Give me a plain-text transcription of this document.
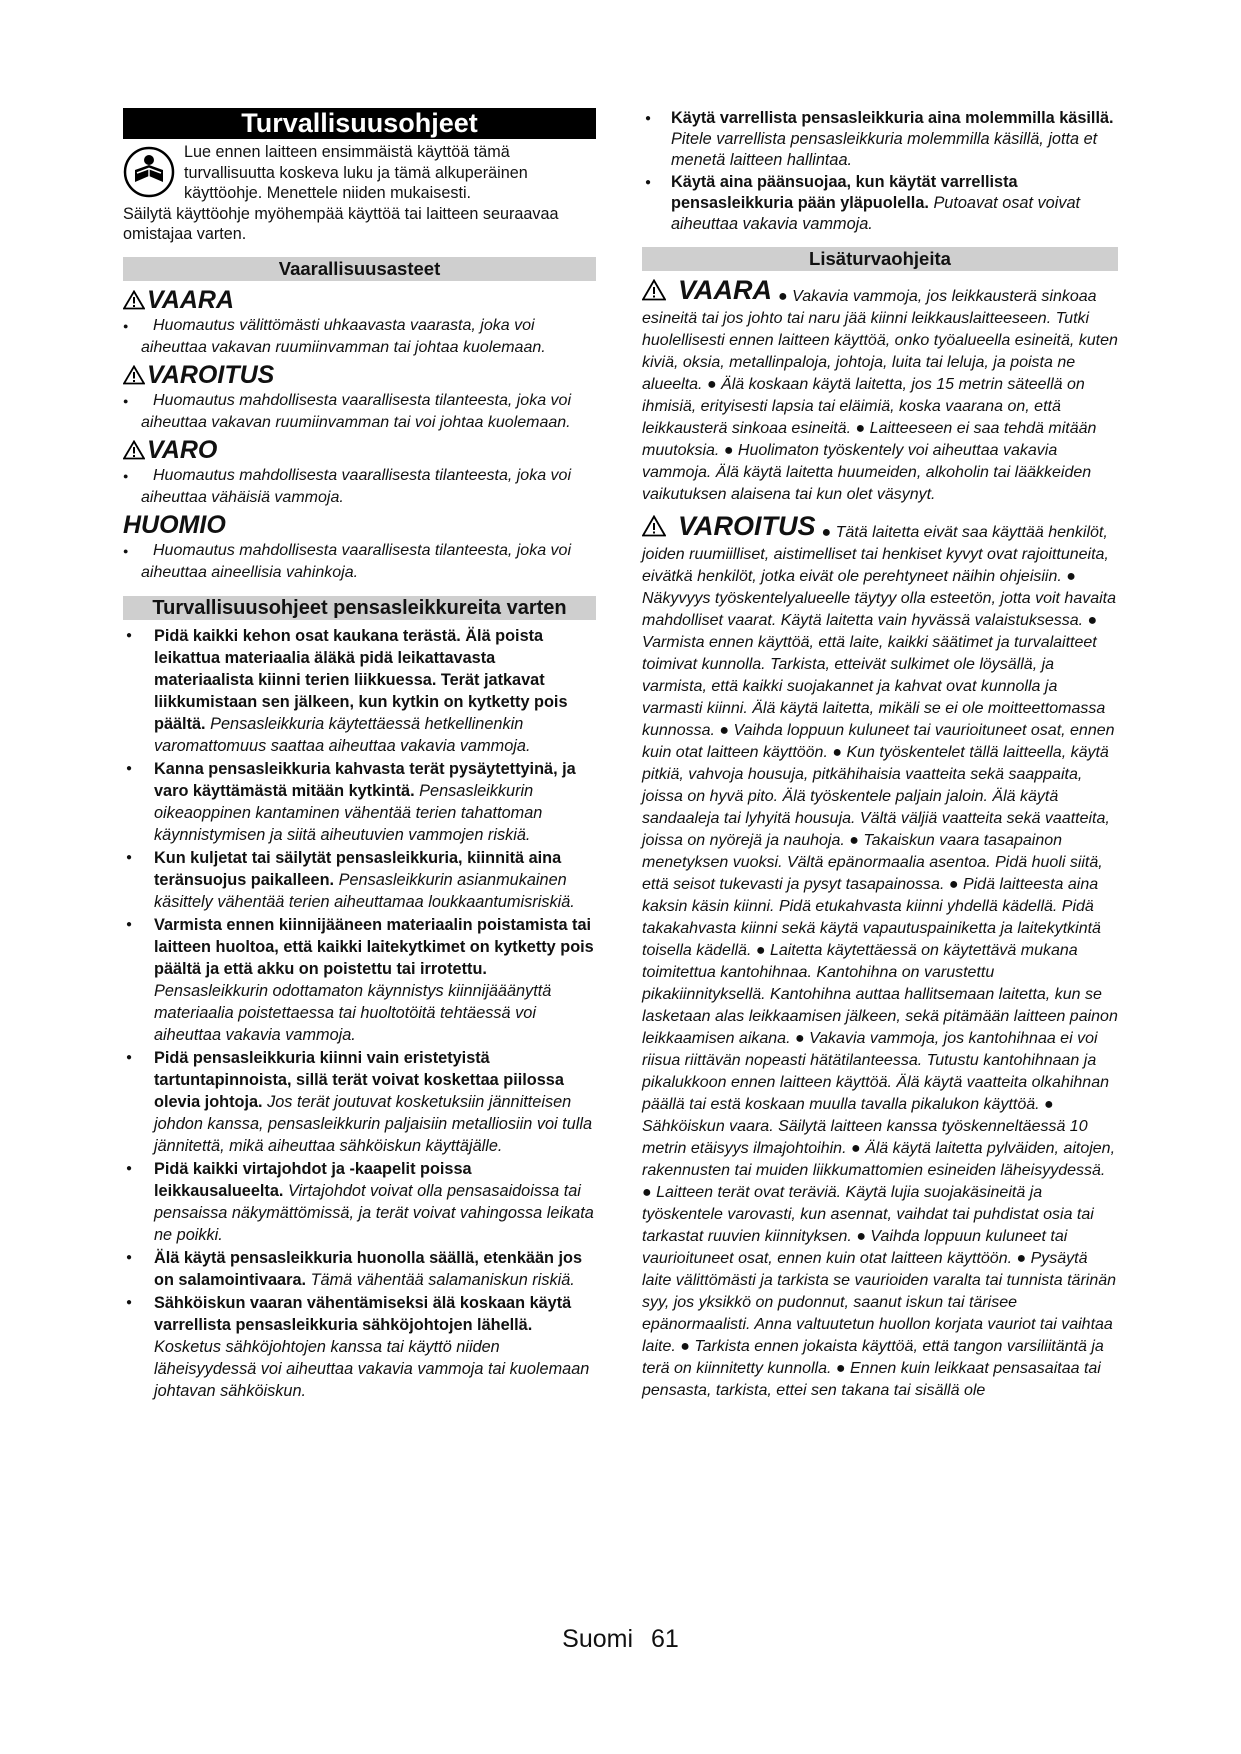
Turvallisuusohjeet

Lue ennen laitteen ensimmäistä käyttöä tämä turvallisuutta koskeva luku ja tämä alkuperäinen käyttöohje. Menettele niiden mukaisesti.

Säilytä käyttöohje myöhempää käyttöä tai laitteen seuraavaa omistajaa varten.

Vaarallisuusasteet
VAARA
● Huomautus välittömästi uhkaavasta vaarasta, joka voi aiheuttaa vakavan ruumiinvamman tai johtaa kuolemaan.
VAROITUS
● Huomautus mahdollisesta vaarallisesta tilanteesta, joka voi aiheuttaa vakavan ruumiinvamman tai voi johtaa kuolemaan.
VARO
● Huomautus mahdollisesta vaarallisesta tilanteesta, joka voi aiheuttaa vähäisiä vammoja.
HUOMIO
● Huomautus mahdollisesta vaarallisesta tilanteesta, joka voi aiheuttaa aineellisia vahinkoja.
Turvallisuusohjeet pensasleikkureita varten
● Pidä kaikki kehon osat kaukana terästä. Älä poista leikattua materiaalia äläkä pidä leikattavasta materiaalista kiinni terien liikkuessa. Terät jatkavat liikkumistaan sen jälkeen, kun kytkin on kytketty pois päältä. Pensasleikkuria käytettäessä hetkellinenkin varomattomuus saattaa aiheuttaa vakavia vammoja.
● Kanna pensasleikkuria kahvasta terät pysäytettyinä, ja varo käyttämästä mitään kytkintä. Pensasleikkurin oikeaoppinen kantaminen vähentää terien tahattoman käynnistymisen ja siitä aiheutuvien vammojen riskiä.
● Kun kuljetat tai säilytät pensasleikkuria, kiinnitä aina teränsuojus paikalleen. Pensasleikkurin asianmukainen käsittely vähentää terien aiheuttamaa loukkaantumisriskiä.
● Varmista ennen kiinnijääneen materiaalin poistamista tai laitteen huoltoa, että kaikki laitekytkimet on kytketty pois päältä ja että akku on poistettu tai irrotettu. Pensasleikkurin odottamaton käynnistys kiinnijääänyttä materiaalia poistettaessa tai huoltotöitä tehtäessä voi aiheuttaa vakavia vammoja.
● Pidä pensasleikkuria kiinni vain eristetyistä tartuntapinnoista, sillä terät voivat koskettaa piilossa olevia johtoja. Jos terät joutuvat kosketuksiin jännitteisen johdon kanssa, pensasleikkurin paljaisiin metalliosiin voi tulla jännitettä, mikä aiheuttaa sähköiskun käyttäjälle.
● Pidä kaikki virtajohdot ja -kaapelit poissa leikkausalueelta. Virtajohdot voivat olla pensasaidoissa tai pensaissa näkymättömissä, ja terät voivat vahingossa leikata ne poikki.
● Älä käytä pensasleikkuria huonolla säällä, etenkään jos on salamointivaara. Tämä vähentää salamaniskun riskiä.
● Sähköiskun vaaran vähentämiseksi älä koskaan käytä varrellista pensasleikkuria sähköjohtojen lähellä. Kosketus sähköjohtojen kanssa tai käyttö niiden läheisyydessä voi aiheuttaa vakavia vammoja tai kuolemaan johtavan sähköiskun.
● Käytä varrellista pensasleikkuria aina molemmilla käsillä. Pitele varrellista pensasleikkuria molemmilla käsillä, jotta et menetä laitteen hallintaa.
● Käytä aina päänsuojaa, kun käytät varrellista pensasleikkuria pään yläpuolella. Putoavat osat voivat aiheuttaa vakavia vammoja.
Lisäturvaohjeita

VAARA ● Vakavia vammoja, jos leikkausterä sinkoaa esineitä tai jos johto tai naru jää kiinni leikkauslaitteeseen. Tutki huolellisesti ennen laitteen käyttöä, onko työalueella esineitä, kuten kiviä, oksia, metallinpaloja, johtoja, luita tai leluja, ja poista ne alueelta. ● Älä koskaan käytä laitetta, jos 15 metrin säteellä on ihmisiä, erityisesti lapsia tai eläimiä, koska vaarana on, että leikkausterä sinkoaa esineitä. ● Laitteeseen ei saa tehdä mitään muutoksia. ● Huolimaton työskentely voi aiheuttaa vakavia vammoja. Älä käytä laitetta huumeiden, alkoholin tai lääkkeiden vaikutuksen alaisena tai kun olet väsynyt.

VAROITUS ● Tätä laitetta eivät saa käyttää henkilöt, joiden ruumiilliset, aistimelliset tai henkiset kyvyt ovat rajoittuneita, eivätkä henkilöt, jotka eivät ole perehtyneet näihin ohjeisiin. ● Näkyvyys työskentelyalueelle täytyy olla esteetön, jotta voit havaita mahdolliset vaarat. Käytä laitetta vain hyvässä valaistuksessa. ● Varmista ennen käyttöä, että laite, kaikki säätimet ja turvalaitteet toimivat kunnolla. Tarkista, etteivät sulkimet ole löysällä, ja varmista, että kaikki suojakannet ja kahvat ovat kunnolla ja varmasti kiinni. Älä käytä laitetta, mikäli se ei ole moitteettomassa kunnossa. ● Vaihda loppuun kuluneet tai vaurioituneet osat, ennen kuin otat laitteen käyttöön. ● Kun työskentelet tällä laitteella, käytä pitkiä, vahvoja housuja, pitkähihaisia vaatteita sekä saappaita, joissa on hyvä pito. Älä työskentele paljain jaloin. Älä käytä sandaaleja tai lyhyitä housuja. Vältä väljiä vaatteita sekä vaatteita, joissa on nyörejä ja nauhoja. ● Takaiskun vaara tasapainon menetyksen vuoksi. Vältä epänormaalia asentoa. Pidä huoli siitä, että seisot tukevasti ja pysyt tasapainossa. ● Pidä laitteesta aina kaksin käsin kiinni. Pidä etukahvasta kiinni yhdellä kädellä. Pidä takakahvasta kiinni sekä käytä vapautuspainiketta ja laitekytkintä toisella kädellä. ● Laitetta käytettäessä on käytettävä mukana toimitettua kantohihnaa. Kantohihna on varustettu pikakiinnityksellä. Kantohihna auttaa hallitsemaan laitetta, kun se lasketaan alas leikkaamisen jälkeen, sekä pitämään laitteen painon leikkaamisen aikana. ● Vakavia vammoja, jos kantohihnaa ei voi riisua riittävän nopeasti hätätilanteessa. Tutustu kantohihnaan ja pikalukkoon ennen laitteen käyttöä. Älä käytä vaatteita olkahihnan päällä tai estä koskaan muulla tavalla pikalukon käyttöä. ● Sähköiskun vaara. Säilytä laitteen kanssa työskenneltäessä 10 metrin etäisyys ilmajohtoihin. ● Älä käytä laitetta pylväiden, aitojen, rakennusten tai muiden liikkumattomien esineiden läheisyydessä. ● Laitteen terät ovat teräviä. Käytä lujia suojakäsineitä ja työskentele varovasti, kun asennat, vaihdat tai puhdistat osia tai tarkastat ruuvien kiinnityksen. ● Vaihda loppuun kuluneet tai vaurioituneet osat, ennen kuin otat laitteen käyttöön. ● Pysäytä laite välittömästi ja tarkista se vaurioiden varalta tai tunnista tärinän syy, jos yksikkö on pudonnut, saanut iskun tai tärisee epänormaalisti. Anna valtuutetun huollon korjata vauriot tai vaihtaa laite. ● Tarkista ennen jokaista käyttöä, että tangon varsiliitäntä ja terä on kiinnitetty kunnolla. ● Ennen kuin leikkaat pensasaitaa tai pensasta, tarkista, ettei sen takana tai sisällä ole

Suomi 61
